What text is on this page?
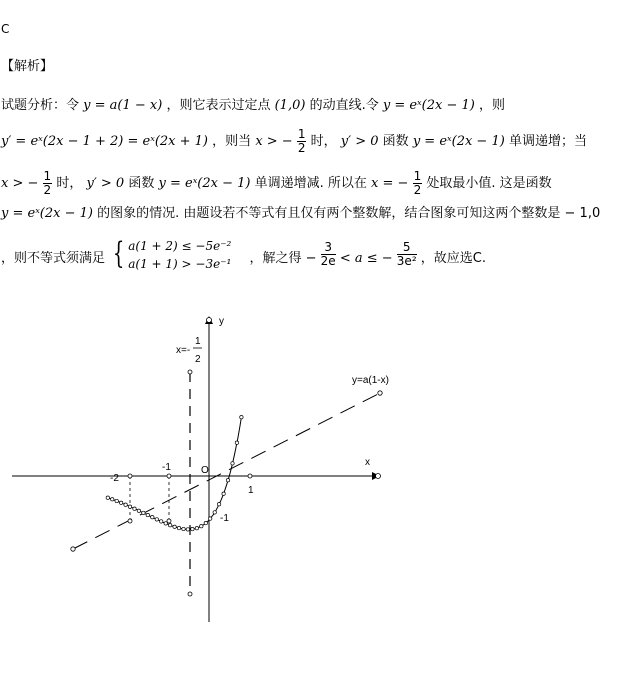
C
【解析】
试题分析：令 y = a(1 − x) ，则它表示过定点 (1,0) 的动直线.令 y = eˣ(2x − 1) ，则
y′ = eˣ(2x − 1 + 2) = eˣ(2x + 1) ，则当 x > − $\frac{1}{2}$ 时， y′ > 0 函数 y = eˣ(2x − 1) 单调递增；当
x > − $\frac{1}{2}$ 时， y′ > 0 函数 y = eˣ(2x − 1) 单调递增减. 所以在 x = − $\frac{1}{2}$ 处取最小值. 这是函数
y = eˣ(2x − 1) 的图象的情况. 由题设若不等式有且仅有两个整数解，结合图象可知这两个整数是 − 1,0
，则不等式须满足 { a(1 + 2) ≤ −5e⁻²
a(1 + 1) > −3e⁻¹ ，解之得 − $\frac{3}{2e} < a$ ≤ − $\frac{5}{\text{3e²}}$ ，故应选C.
y
x
O
-2
-1
1
-1
y=a(1-x)
x=-
1
2
